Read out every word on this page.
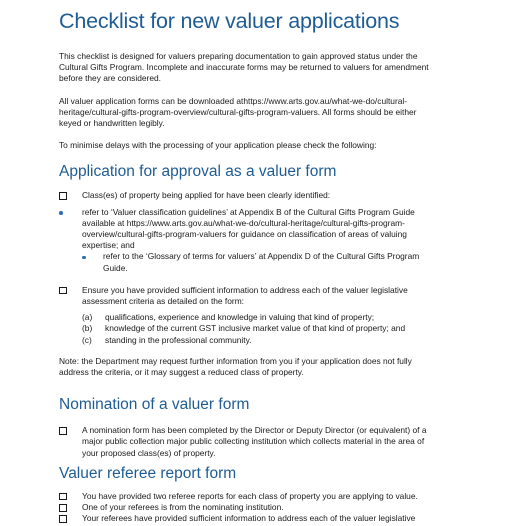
Checklist for new valuer applications

This checklist is designed for valuers preparing documentation to gain approved status under the
Cultural Gifts Program. Incomplete and inaccurate forms may be returned to valuers for amendment
before they are considered.

All valuer application forms can be downloaded athttps://www.arts.gov.au/what-we-do/cultural-
heritage/cultural-gifts-program-overview/cultural-gifts-program-valuers. All forms should be either
keyed or handwritten legibly.

To minimise delays with the processing of your application please check the following:

Application for approval as a valuer form
Class(es) of property being applied for have been clearly identified:
refer to ‘Valuer classification guidelines’ at Appendix B of the Cultural Gifts Program Guide
available at https://www.arts.gov.au/what-we-do/cultural-heritage/cultural-gifts-program-
overview/cultural-gifts-program-valuers for guidance on classification of areas of valuing
expertise; and
refer to the ‘Glossary of terms for valuers’ at Appendix D of the Cultural Gifts Program
Guide.
Ensure you have provided sufficient information to address each of the valuer legislative
assessment criteria as detailed on the form:
(a) qualifications, experience and knowledge in valuing that kind of property;
(b) knowledge of the current GST inclusive market value of that kind of property; and
(c) standing in the professional community.

Note: the Department may request further information from you if your application does not fully
address the criteria, or it may suggest a reduced class of property.

Nomination of a valuer form
A nomination form has been completed by the Director or Deputy Director (or equivalent) of a
major public collection major public collecting institution which collects material in the area of
your proposed class(es) of property.
Valuer referee report form
You have provided two referee reports for each class of property you are applying to value.
One of your referees is from the nominating institution.
Your referees have provided sufficient information to address each of the valuer legislative
